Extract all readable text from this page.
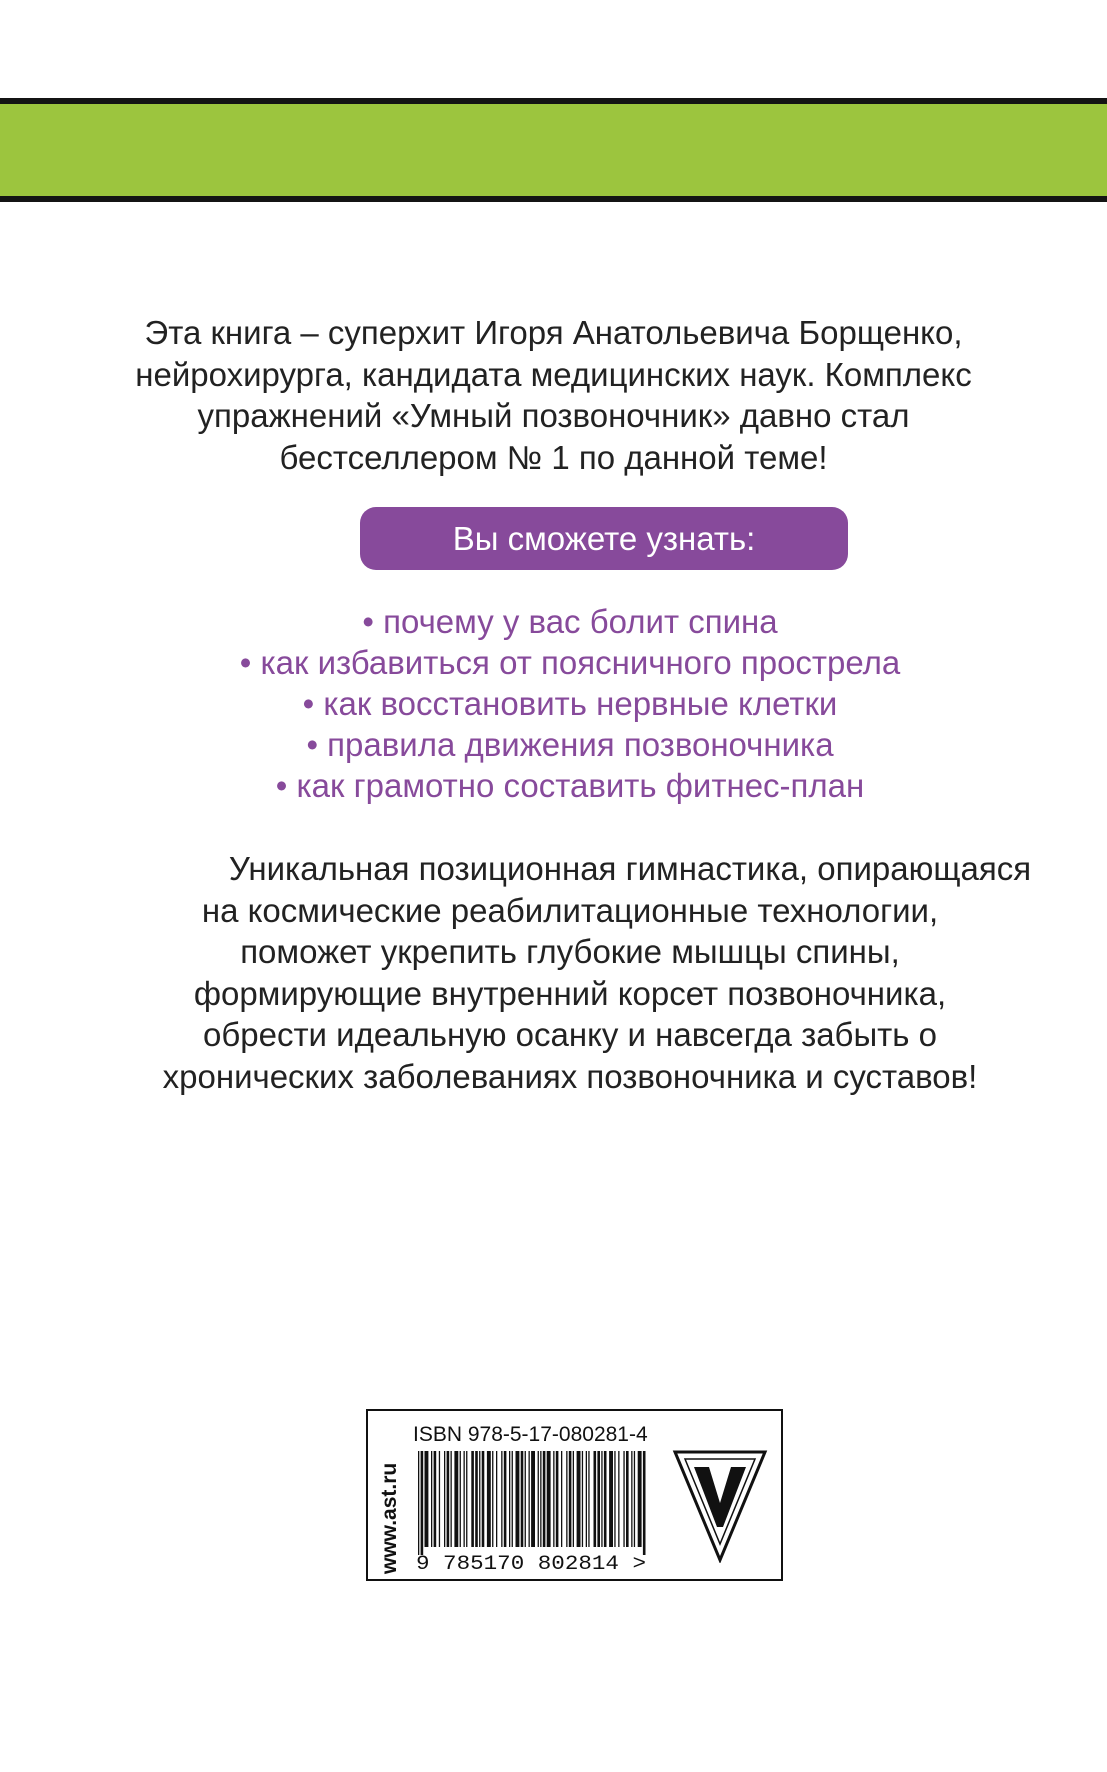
Эта книга – суперхит Игоря Анатольевича Борщенко,
нейрохирурга, кандидата медицинских наук. Комплекс
упражнений «Умный позвоночник» давно стал
бестселлером № 1 по данной теме!
Вы сможете узнать:
• почему у вас болит спина
• как избавиться от поясничного прострела
• как восстановить нервные клетки
• правила движения позвоночника
• как грамотно составить фитнес-план
Уникальная позиционная гимнастика, опирающаяся
на космические реабилитационные технологии,
поможет укрепить глубокие мышцы спины,
формирующие внутренний корсет позвоночника,
обрести идеальную осанку и навсегда забыть о
хронических заболеваниях позвоночника и суставов!
www.ast.ru
ISBN 978-5-17-080281-4
9 785170 802814 >
